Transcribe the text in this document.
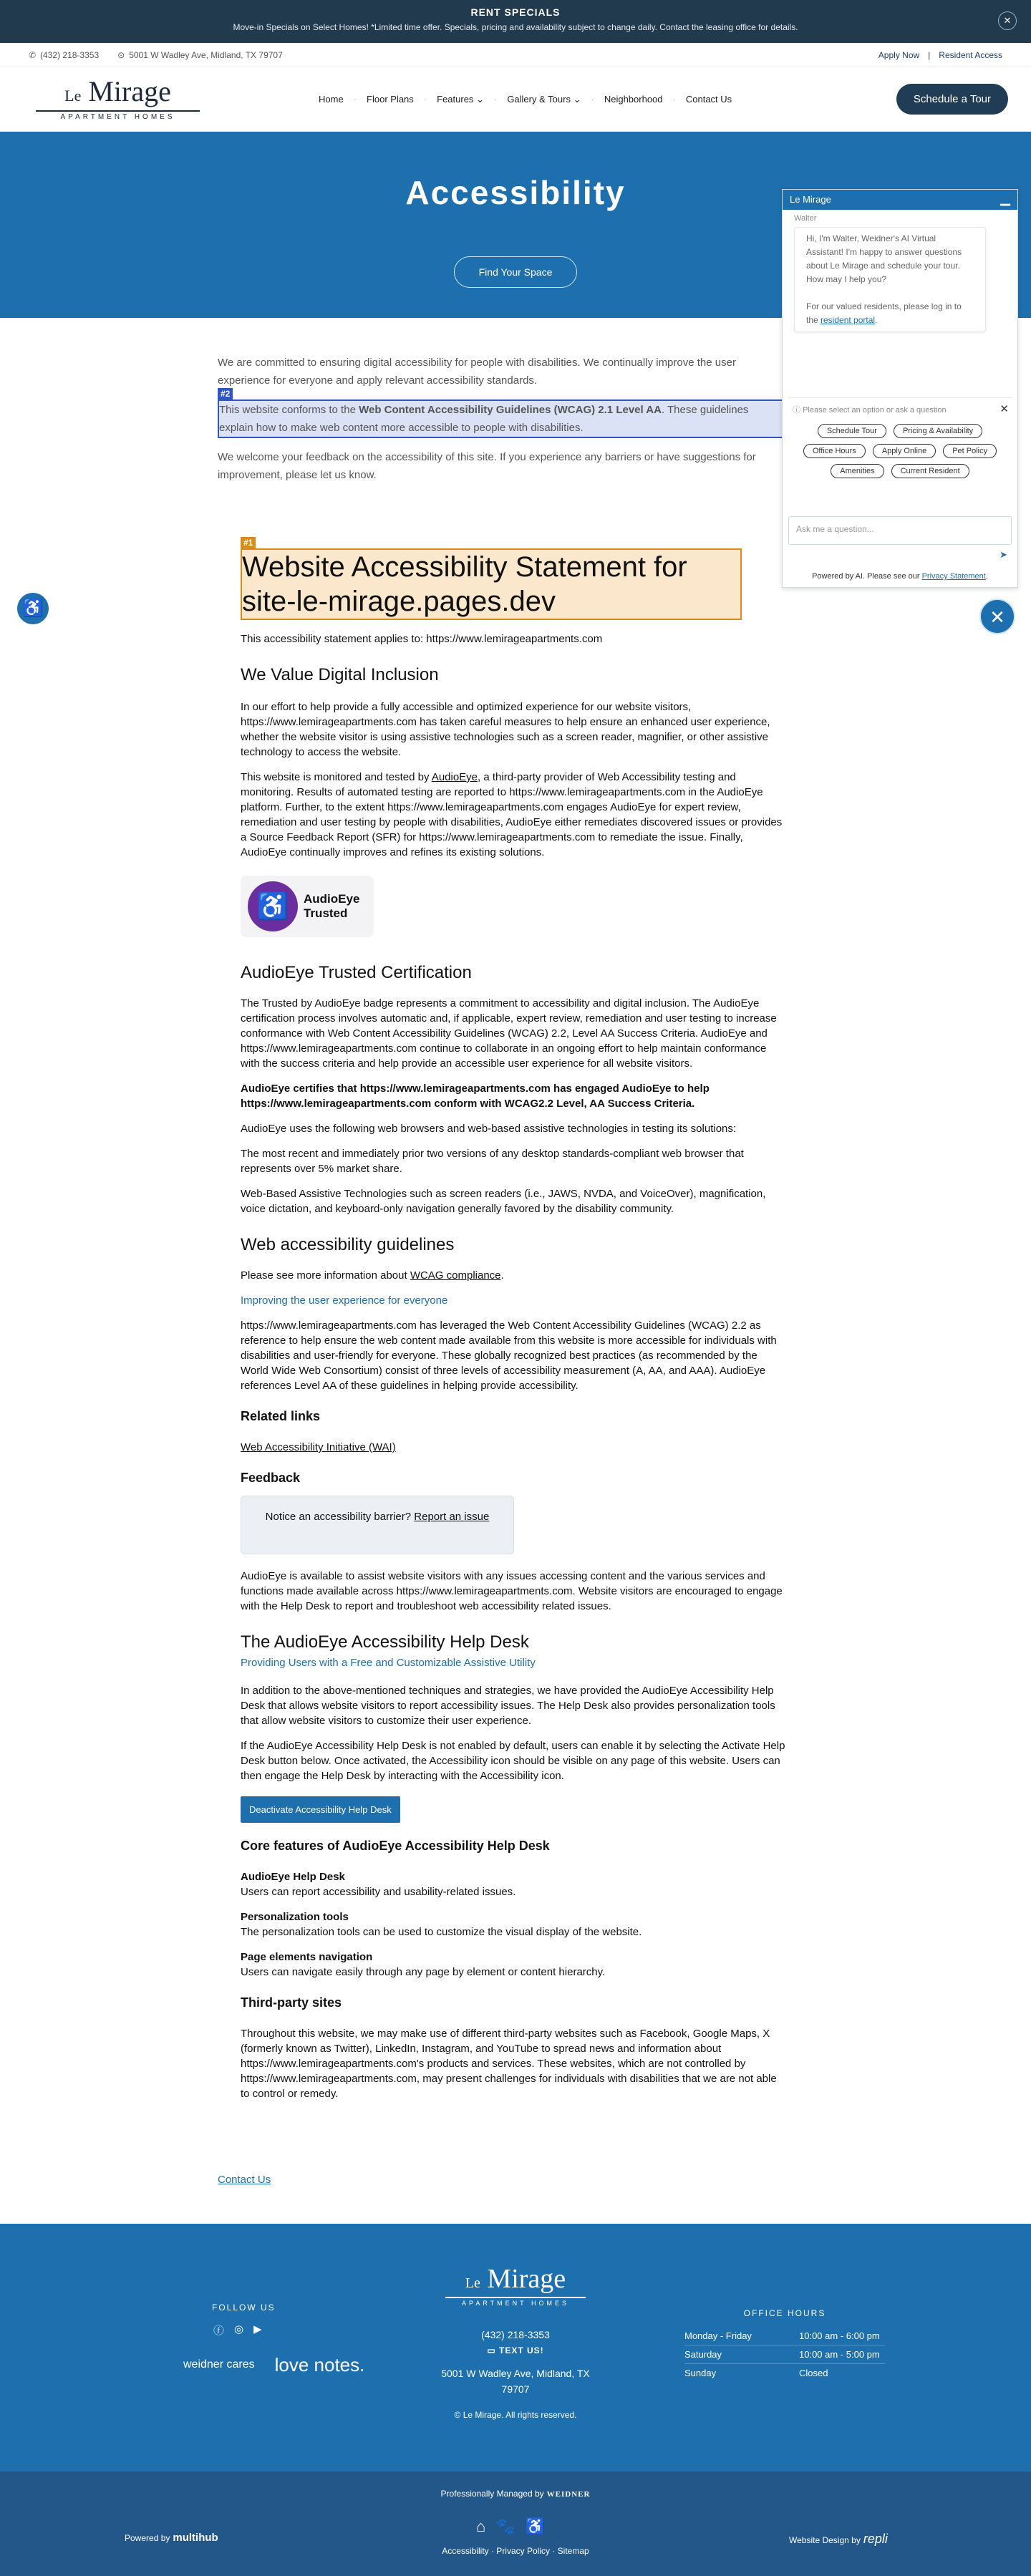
RENT SPECIALS
Move-in Specials on Select Homes! *Limited time offer. Specials, pricing and availability subject to change daily. Contact the leasing office for details.
✕
✆ (432) 218-3353 ⊙ 5001 W Wadley Ave, Midland, TX 79707	Apply Now | Resident Access
Le Mirage
APARTMENT HOMES
Home	·	Floor Plans	·	Features ⌄	·	Gallery & Tours ⌄	·	Neighborhood	·	Contact Us	Schedule a Tour
Accessibility
Find Your Space

We are committed to ensuring digital accessibility for people with disabilities. We continually improve the user experience for everyone and apply relevant accessibility standards.

#2
This website conforms to the Web Content Accessibility Guidelines (WCAG) 2.1 Level AA. These guidelines explain how to make web content more accessible to people with disabilities.

We welcome your feedback on the accessibility of this site. If you experience any barriers or have suggestions for improvement, please let us know.

#1
Website Accessibility Statement for site-le-mirage.pages.dev

This accessibility statement applies to: https://www.lemirageapartments.com

We Value Digital Inclusion

In our effort to help provide a fully accessible and optimized experience for our website visitors, https://www.lemirageapartments.com has taken careful measures to help ensure an enhanced user experience, whether the website visitor is using assistive technologies such as a screen reader, magnifier, or other assistive technology to access the website.

This website is monitored and tested by AudioEye, a third-party provider of Web Accessibility testing and monitoring. Results of automated testing are reported to https://www.lemirageapartments.com in the AudioEye platform. Further, to the extent https://www.lemirageapartments.com engages AudioEye for expert review, remediation and user testing by people with disabilities, AudioEye either remediates discovered issues or provides a Source Feedback Report (SFR) for https://www.lemirageapartments.com to remediate the issue. Finally, AudioEye continually improves and refines its existing solutions.

♿	AudioEye
Trusted
AudioEye Trusted Certification

The Trusted by AudioEye badge represents a commitment to accessibility and digital inclusion. The AudioEye certification process involves automatic and, if applicable, expert review, remediation and user testing to increase conformance with Web Content Accessibility Guidelines (WCAG) 2.2, Level AA Success Criteria. AudioEye and https://www.lemirageapartments.com continue to collaborate in an ongoing effort to help maintain conformance with the success criteria and help provide an accessible user experience for all website visitors.

AudioEye certifies that https://www.lemirageapartments.com has engaged AudioEye to help https://www.lemirageapartments.com conform with WCAG2.2 Level, AA Success Criteria.

AudioEye uses the following web browsers and web-based assistive technologies in testing its solutions:

The most recent and immediately prior two versions of any desktop standards-compliant web browser that represents over 5% market share.

Web-Based Assistive Technologies such as screen readers (i.e., JAWS, NVDA, and VoiceOver), magnification, voice dictation, and keyboard-only navigation generally favored by the disability community.

Web accessibility guidelines

Please see more information about WCAG compliance.

Improving the user experience for everyone

https://www.lemirageapartments.com has leveraged the Web Content Accessibility Guidelines (WCAG) 2.2 as reference to help ensure the web content made available from this website is more accessible for individuals with disabilities and user-friendly for everyone. These globally recognized best practices (as recommended by the World Wide Web Consortium) consist of three levels of accessibility measurement (A, AA, and AAA). AudioEye references Level AA of these guidelines in helping provide accessibility.

Related links

Web Accessibility Initiative (WAI)

Feedback
Notice an accessibility barrier? Report an issue

AudioEye is available to assist website visitors with any issues accessing content and the various services and functions made available across https://www.lemirageapartments.com. Website visitors are encouraged to engage with the Help Desk to report and troubleshoot web accessibility related issues.

The AudioEye Accessibility Help Desk

Providing Users with a Free and Customizable Assistive Utility

In addition to the above-mentioned techniques and strategies, we have provided the AudioEye Accessibility Help Desk that allows website visitors to report accessibility issues. The Help Desk also provides personalization tools that allow website visitors to customize their user experience.

If the AudioEye Accessibility Help Desk is not enabled by default, users can enable it by selecting the Activate Help Desk button below. Once activated, the Accessibility icon should be visible on any page of this website. Users can then engage the Help Desk by interacting with the Accessibility icon.

Deactivate Accessibility Help Desk
Core features of AudioEye Accessibility Help Desk

AudioEye Help Desk
Users can report accessibility and usability-related issues.

Personalization tools
The personalization tools can be used to customize the visual display of the website.

Page elements navigation
Users can navigate easily through any page by element or content hierarchy.

Third-party sites

Throughout this website, we may make use of different third-party websites such as Facebook, Google Maps, X (formerly known as Twitter), LinkedIn, Instagram, and YouTube to spread news and information about https://www.lemirageapartments.com's products and services. These websites, which are not controlled by https://www.lemirageapartments.com, may present challenges for individuals with disabilities that we are not able to control or remedy.

Contact Us
♿
Le Mirage	▁
Walter
Hi, I'm Walter, Weidner's AI Virtual Assistant! I'm happy to answer questions about Le Mirage and schedule your tour. How may I help you?
For our valued residents, please log in to the resident portal.
ⓘ Please select an option or ask a question	✕
Schedule Tour	Pricing & Availability
Office Hours	Apply Online	Pet Policy
Amenities	Current Resident
Ask me a question...
➤
Powered by AI. Please see our Privacy Statement.
✕
Le Mirage
APARTMENT HOMES
FOLLOW US
ⓕ ◎ ▶
weidner cares love notes.
(432) 218-3353
▭ TEXT US!
5001 W Wadley Ave, Midland, TX 79707
© Le Mirage. All rights reserved.
OFFICE HOURS
Monday - Friday	10:00 am - 6:00 pm
Saturday	10:00 am - 5:00 pm
Sunday	Closed
Professionally Managed by WEIDNER
⌂🐾♿
Accessibility · Privacy Policy · Sitemap
Powered by multihub	Website Design by repli
